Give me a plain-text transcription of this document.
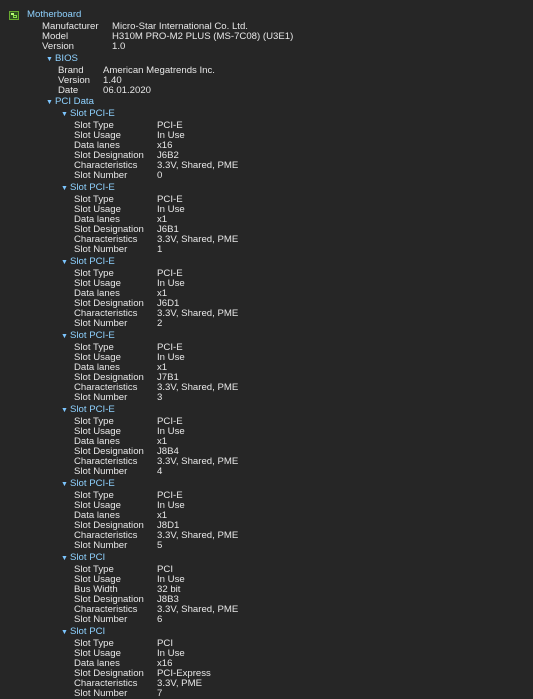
Motherboard
Manufacturer Micro-Star International Co. Ltd.
Model	H310M PRO-M2 PLUS (MS-7C08) (U3E1)
Version	1.0
▼ BIOS
Brand American Megatrends Inc.
Version 1.40
Date	06.01.2020
▼ PCI Data
▼ Slot PCI-E
Slot Type	PCI-E
Slot Usage	In Use
Data lanes	x16
Slot Designation J6B2
Characteristics 3.3V, Shared, PME
Slot Number	0
▼ Slot PCI-E
Slot Type	PCI-E
Slot Usage	In Use
Data lanes	x1
Slot Designation J6B1
Characteristics 3.3V, Shared, PME
Slot Number	1
▼ Slot PCI-E
Slot Type	PCI-E
Slot Usage	In Use
Data lanes	x1
Slot Designation J6D1
Characteristics 3.3V, Shared, PME
Slot Number	2
▼ Slot PCI-E
Slot Type	PCI-E
Slot Usage	In Use
Data lanes	x1
Slot Designation J7B1
Characteristics 3.3V, Shared, PME
Slot Number	3
▼ Slot PCI-E
Slot Type	PCI-E
Slot Usage	In Use
Data lanes	x1
Slot Designation J8B4
Characteristics 3.3V, Shared, PME
Slot Number	4
▼ Slot PCI-E
Slot Type	PCI-E
Slot Usage	In Use
Data lanes	x1
Slot Designation J8D1
Characteristics 3.3V, Shared, PME
Slot Number	5
▼ Slot PCI
Slot Type	PCI
Slot Usage	In Use
Bus Width	32 bit
Slot Designation J8B3
Characteristics 3.3V, Shared, PME
Slot Number	6
▼ Slot PCI
Slot Type	PCI
Slot Usage	In Use
Data lanes	x16
Slot Designation PCI-Express
Characteristics 3.3V, PME
Slot Number	7
